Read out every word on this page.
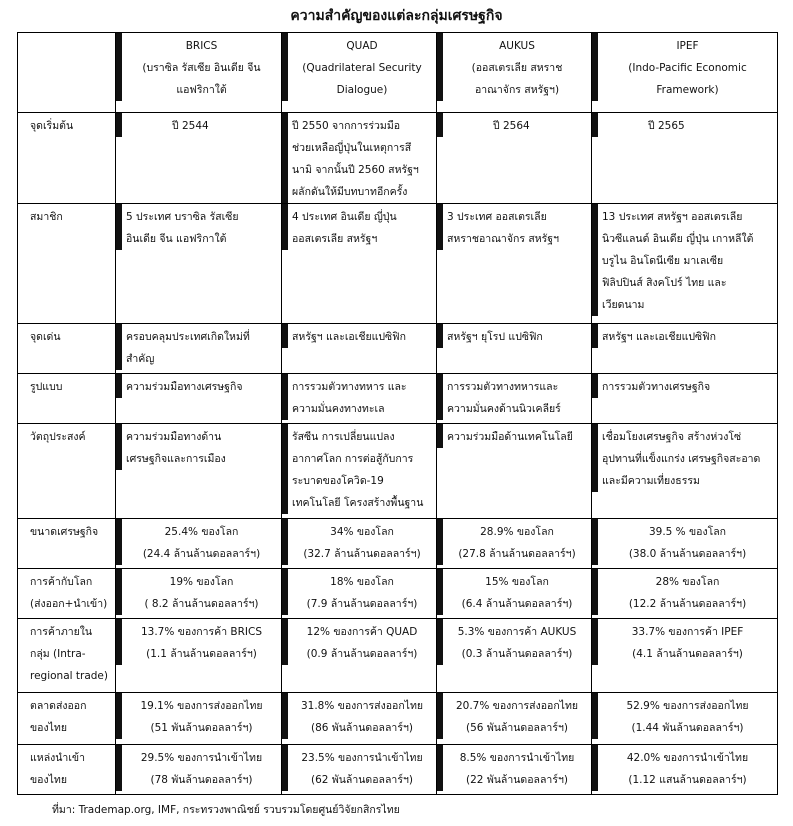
ความสำคัญของแต่ละกลุ่มเศรษฐกิจ

	BRICS
(บราซิล รัสเซีย อินเดีย จีน
แอฟริกาใต้	QUAD
(Quadrilateral Security
Dialogue)	AUKUS
(ออสเตรเลีย สหราช
อาณาจักร สหรัฐฯ)	IPEF
(Indo-Pacific Economic
Framework)

จุดเริ่มต้น	ปี 2544	ปี 2550 จากการร่วมมือ
ช่วยเหลือญี่ปุ่นในเหตุการสึ
นามิ จากนั้นปี 2560 สหรัฐฯ
ผลักดันให้มีบทบาทอีกครั้ง	ปี 2564	ปี 2565

สมาชิก	5 ประเทศ บราซิล รัสเซีย
อินเดีย จีน แอฟริกาใต้	4 ประเทศ อินเดีย ญี่ปุ่น
ออสเตรเลีย สหรัฐฯ	3 ประเทศ ออสเตรเลีย
สหราชอาณาจักร สหรัฐฯ	13 ประเทศ สหรัฐฯ ออสเตรเลีย
นิวซีแลนด์ อินเดีย ญี่ปุ่น เกาหลีใต้
บรูไน อินโดนีเซีย มาเลเซีย
ฟิลิปปินส์ สิงคโปร์ ไทย และ
เวียดนาม

จุดเด่น	ครอบคลุมประเทศเกิดใหม่ที่
สำคัญ	สหรัฐฯ และเอเชียแปซิฟิก	สหรัฐฯ ยุโรป แปซิฟิก	สหรัฐฯ และเอเชียแปซิฟิก

รูปแบบ	ความร่วมมือทางเศรษฐกิจ	การรวมตัวทางทหาร และ
ความมั่นคงทางทะเล	การรวมตัวทางทหารและ
ความมั่นคงด้านนิวเคลียร์	การรวมตัวทางเศรษฐกิจ

วัตถุประสงค์	ความร่วมมือทางด้าน
เศรษฐกิจและการเมือง	รัสซีน การเปลี่ยนแปลง
อากาศโลก การต่อสู้กับการ
ระบาดของโควิด-19
เทคโนโลยี โครงสร้างพื้นฐาน	ความร่วมมือด้านเทคโนโลยี	เชื่อมโยงเศรษฐกิจ สร้างห่วงโซ่
อุปทานที่แข็งแกร่ง เศรษฐกิจสะอาด
และมีความเที่ยงธรรม

ขนาดเศรษฐกิจ	25.4% ของโลก
(24.4 ล้านล้านดอลลาร์ฯ)	34% ของโลก
(32.7 ล้านล้านดอลลาร์ฯ)	28.9% ของโลก
(27.8 ล้านล้านดอลลาร์ฯ)	39.5 % ของโลก
(38.0 ล้านล้านดอลลาร์ฯ)

การค้ากับโลก
(ส่งออก+นำเข้า)	19% ของโลก
( 8.2 ล้านล้านดอลลาร์ฯ)	18% ของโลก
(7.9 ล้านล้านดอลลาร์ฯ)	15% ของโลก
(6.4 ล้านล้านดอลลาร์ฯ)	28% ของโลก
(12.2 ล้านล้านดอลลาร์ฯ)

การค้าภายใน
กลุ่ม (Intra-
regional trade)	13.7% ของการค้า BRICS
(1.1 ล้านล้านดอลลาร์ฯ)	12% ของการค้า QUAD
(0.9 ล้านล้านดอลลาร์ฯ)	5.3% ของการค้า AUKUS
(0.3 ล้านล้านดอลลาร์ฯ)	33.7% ของการค้า IPEF
(4.1 ล้านล้านดอลลาร์ฯ)

ตลาดส่งออก
ของไทย	19.1% ของการส่งออกไทย
(51 พันล้านดอลลาร์ฯ)	31.8% ของการส่งออกไทย
(86 พันล้านดอลลาร์ฯ)	20.7% ของการส่งออกไทย
(56 พันล้านดอลลาร์ฯ)	52.9% ของการส่งออกไทย
(1.44 พันล้านดอลลาร์ฯ)

แหล่งนำเข้า
ของไทย	29.5% ของการนำเข้าไทย
(78 พันล้านดอลลาร์ฯ)	23.5% ของการนำเข้าไทย
(62 พันล้านดอลลาร์ฯ)	8.5% ของการนำเข้าไทย
(22 พันล้านดอลลาร์ฯ)	42.0% ของการนำเข้าไทย
(1.12 แสนล้านดอลลาร์ฯ)
ที่มา: Trademap.org, IMF, กระทรวงพาณิชย์ รวบรวมโดยศูนย์วิจัยกสิกรไทย
